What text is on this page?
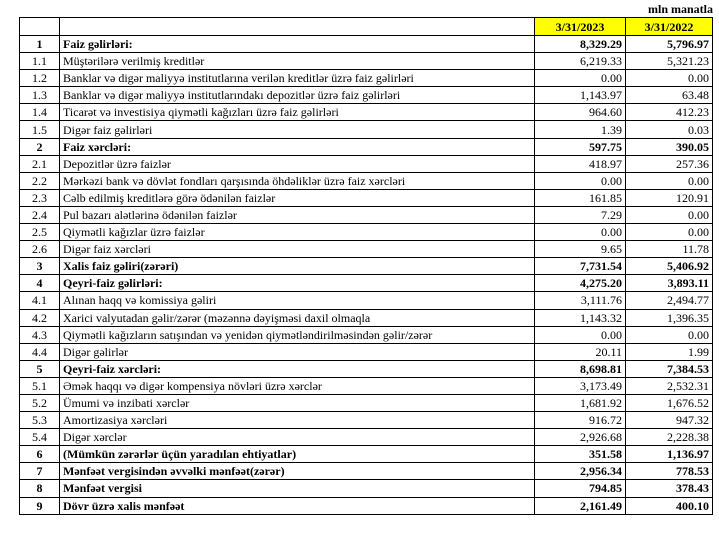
mln manatla
		3/31/2023	3/31/2022
1	Faiz gəlirləri:	8,329.29	5,796.97
1.1	Müştərilərə verilmiş kreditlər	6,219.33	5,321.23
1.2	Banklar və digər maliyyə institutlarına verilən kreditlər üzrə faiz gəlirləri	0.00	0.00
1.3	Banklar və digər maliyyə institutlarındakı depozitlər üzrə faiz gəlirləri	1,143.97	63.48
1.4	Ticarət və investisiya qiymətli kağızları üzrə faiz gəlirləri	964.60	412.23
1.5	Digər faiz gəlirləri	1.39	0.03
2	Faiz xərcləri:	597.75	390.05
2.1	Depozitlər üzrə faizlər	418.97	257.36
2.2	Mərkəzi bank və dövlət fondları qarşısında öhdəliklər üzrə faiz xərcləri	0.00	0.00
2.3	Cəlb edilmiş kreditlərə görə ödənilən faizlər	161.85	120.91
2.4	Pul bazarı alətlərinə ödənilən faizlər	7.29	0.00
2.5	Qiymətli kağızlar üzrə faizlər	0.00	0.00
2.6	Digər faiz xərcləri	9.65	11.78
3	Xalis faiz gəliri(zərəri)	7,731.54	5,406.92
4	Qeyri-faiz gəlirləri:	4,275.20	3,893.11
4.1	Alınan haqq və komissiya gəliri	3,111.76	2,494.77
4.2	Xarici valyutadan gəlir/zərər (məzənnə dəyişməsi daxil olmaqla	1,143.32	1,396.35
4.3	Qiymətli kağızların satışından və yenidən qiymətləndirilməsindən gəlir/zərər	0.00	0.00
4.4	Digər gəlirlər	20.11	1.99
5	Qeyri-faiz xərcləri:	8,698.81	7,384.53
5.1	Əmək haqqı və digər kompensiya növləri üzrə xərclər	3,173.49	2,532.31
5.2	Ümumi və inzibati xərclər	1,681.92	1,676.52
5.3	Amortizasiya xərcləri	916.72	947.32
5.4	Digər xərclər	2,926.68	2,228.38
6	(Mümkün zərərlər üçün yaradılan ehtiyatlar)	351.58	1,136.97
7	Mənfəət vergisindən əvvəlki mənfəət(zərər)	2,956.34	778.53
8	Mənfəət vergisi	794.85	378.43
9	Dövr üzrə xalis mənfəət	2,161.49	400.10
